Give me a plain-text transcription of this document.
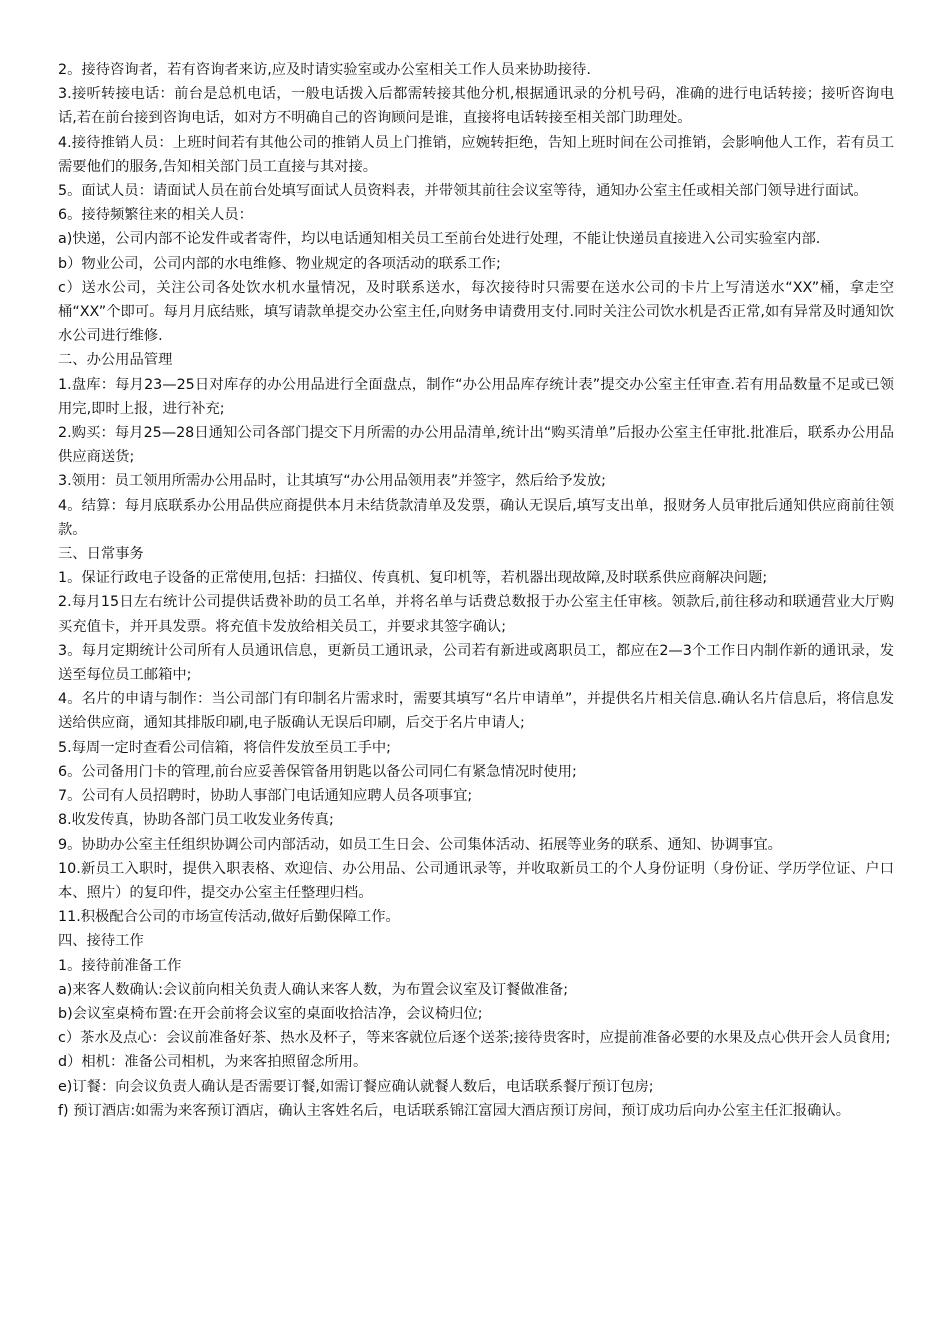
2。接待咨询者，若有咨询者来访,应及时请实验室或办公室相关工作人员来协助接待.

3.接听转接电话：前台是总机电话，一般电话拨入后都需转接其他分机,根据通讯录的分机号码，准确的进行电话转接；接听咨询电话,若在前台接到咨询电话，如对方不明确自己的咨询顾问是谁，直接将电话转接至相关部门助理处。

4.接待推销人员：上班时间若有其他公司的推销人员上门推销，应婉转拒绝，告知上班时间在公司推销，会影响他人工作，若有员工需要他们的服务,告知相关部门员工直接与其对接。

5。面试人员：请面试人员在前台处填写面试人员资料表，并带领其前往会议室等待，通知办公室主任或相关部门领导进行面试。

6。接待频繁往来的相关人员：

a)快递，公司内部不论发件或者寄件，均以电话通知相关员工至前台处进行处理，不能让快递员直接进入公司实验室内部.

b）物业公司，公司内部的水电维修、物业规定的各项活动的联系工作;

c）送水公司，关注公司各处饮水机水量情况，及时联系送水，每次接待时只需要在送水公司的卡片上写清送水“XX”桶，拿走空桶“XX”个即可。每月月底结账，填写请款单提交办公室主任,向财务申请费用支付.同时关注公司饮水机是否正常,如有异常及时通知饮水公司进行维修.

二、办公用品管理

1.盘库：每月23—25日对库存的办公用品进行全面盘点，制作“办公用品库存统计表”提交办公室主任审查.若有用品数量不足或已领用完,即时上报，进行补充;

2.购买：每月25—28日通知公司各部门提交下月所需的办公用品清单,统计出“购买清单”后报办公室主任审批.批准后，联系办公用品供应商送货;

3.领用：员工领用所需办公用品时，让其填写“办公用品领用表”并签字，然后给予发放;

4。结算：每月底联系办公用品供应商提供本月未结货款清单及发票，确认无误后,填写支出单，报财务人员审批后通知供应商前往领款。

三、日常事务

1。保证行政电子设备的正常使用,包括：扫描仪、传真机、复印机等，若机器出现故障,及时联系供应商解决问题;

2.每月15日左右统计公司提供话费补助的员工名单，并将名单与话费总数报于办公室主任审核。领款后,前往移动和联通营业大厅购买充值卡，并开具发票。将充值卡发放给相关员工，并要求其签字确认;

3。每月定期统计公司所有人员通讯信息，更新员工通讯录，公司若有新进或离职员工，都应在2—3个工作日内制作新的通讯录，发送至每位员工邮箱中;

4。名片的申请与制作：当公司部门有印制名片需求时，需要其填写“名片申请单”，并提供名片相关信息.确认名片信息后，将信息发送给供应商，通知其排版印刷,电子版确认无误后印刷，后交于名片申请人;

5.每周一定时查看公司信箱，将信件发放至员工手中;

6。公司备用门卡的管理,前台应妥善保管备用钥匙以备公司同仁有紧急情况时使用;

7。公司有人员招聘时，协助人事部门电话通知应聘人员各项事宜;

8.收发传真，协助各部门员工收发业务传真;

9。协助办公室主任组织协调公司内部活动，如员工生日会、公司集体活动、拓展等业务的联系、通知、协调事宜。

10.新员工入职时，提供入职表格、欢迎信、办公用品、公司通讯录等，并收取新员工的个人身份证明（身份证、学历学位证、户口本、照片）的复印件，提交办公室主任整理归档。

11.积极配合公司的市场宣传活动,做好后勤保障工作。

四、接待工作

1。接待前准备工作

a)来客人数确认:会议前向相关负责人确认来客人数，为布置会议室及订餐做准备;

b)会议室桌椅布置:在开会前将会议室的桌面收拾洁净，会议椅归位;

c）茶水及点心：会议前准备好茶、热水及杯子，等来客就位后逐个送茶;接待贵客时，应提前准备必要的水果及点心供开会人员食用;

d）相机：准备公司相机，为来客拍照留念所用。

e)订餐：向会议负责人确认是否需要订餐,如需订餐应确认就餐人数后，电话联系餐厅预订包房;

f) 预订酒店:如需为来客预订酒店，确认主客姓名后，电话联系锦江富园大酒店预订房间，预订成功后向办公室主任汇报确认。
